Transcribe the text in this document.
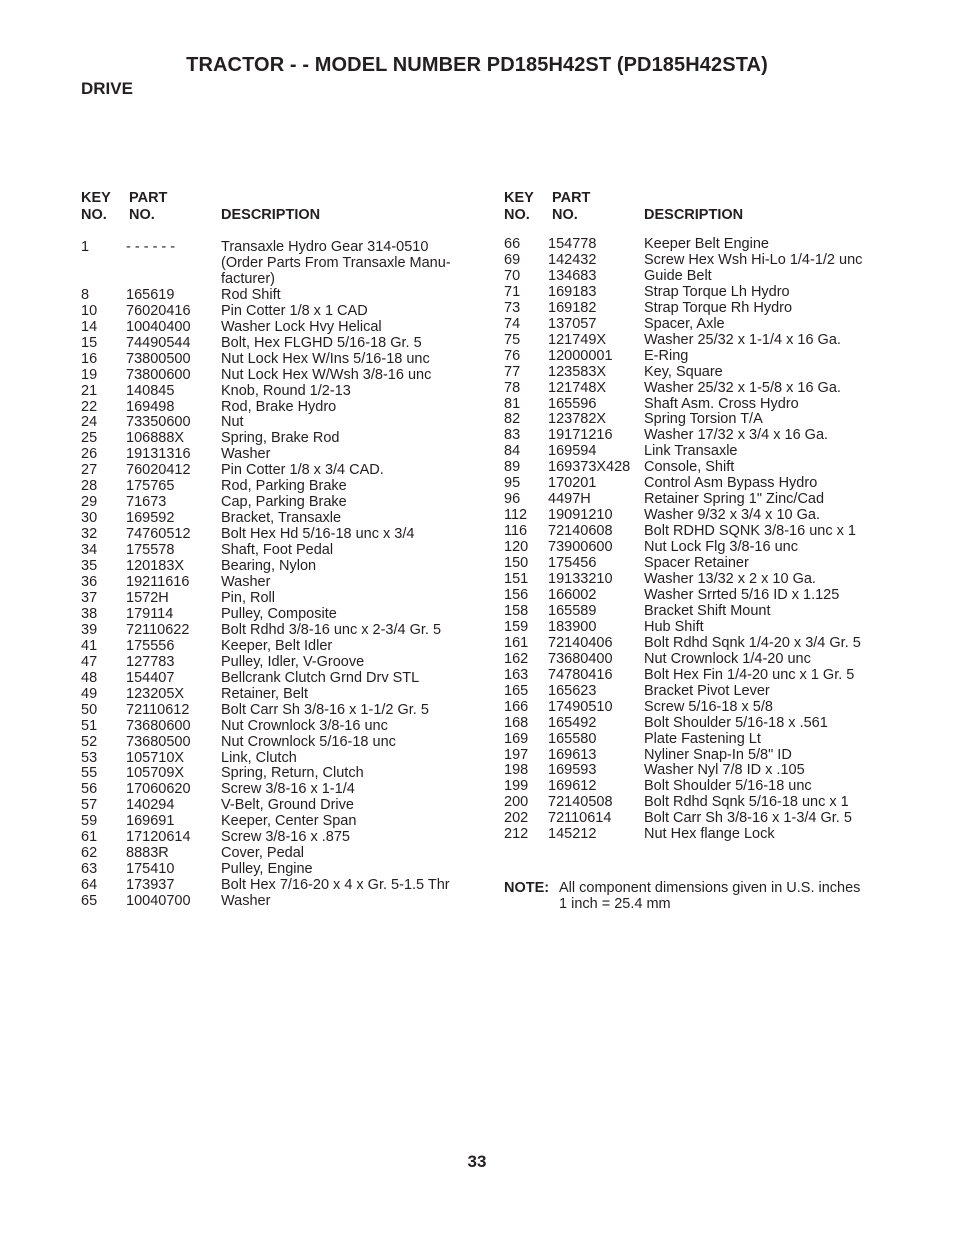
TRACTOR - - MODEL NUMBER PD185H42ST (PD185H42STA)
DRIVE
KEY
NO.
PART
NO.	DESCRIPTION
1	- - - - - -	Transaxle Hydro Gear 314-0510
(Order Parts From Transaxle Manu-
facturer)
8	165619	Rod Shift
10	76020416	Pin Cotter 1/8 x 1 CAD
14	10040400	Washer Lock Hvy Helical
15	74490544	Bolt, Hex FLGHD 5/16-18 Gr. 5
16	73800500	Nut Lock Hex W/Ins 5/16-18 unc
19	73800600	Nut Lock Hex W/Wsh 3/8-16 unc
21	140845	Knob, Round 1/2-13
22	169498	Rod, Brake Hydro
24	73350600	Nut
25	106888X	Spring, Brake Rod
26	19131316	Washer
27	76020412	Pin Cotter 1/8 x 3/4 CAD.
28	175765	Rod, Parking Brake
29	71673	Cap, Parking Brake
30	169592	Bracket, Transaxle
32	74760512	Bolt Hex Hd 5/16-18 unc x 3/4
34	175578	Shaft, Foot Pedal
35	120183X	Bearing, Nylon
36	19211616	Washer
37	1572H	Pin, Roll
38	179114	Pulley, Composite
39	72110622	Bolt Rdhd 3/8-16 unc x 2-3/4 Gr. 5
41	175556	Keeper, Belt Idler
47	127783	Pulley, Idler, V-Groove
48	154407	Bellcrank Clutch Grnd Drv STL
49	123205X	Retainer, Belt
50	72110612	Bolt Carr Sh 3/8-16 x 1-1/2 Gr. 5
51	73680600	Nut Crownlock 3/8-16 unc
52	73680500	Nut Crownlock 5/16-18 unc
53	105710X	Link, Clutch
55	105709X	Spring, Return, Clutch
56	17060620	Screw 3/8-16 x 1-1/4
57	140294	V-Belt, Ground Drive
59	169691	Keeper, Center Span
61	17120614	Screw 3/8-16 x .875
62	8883R	Cover, Pedal
63	175410	Pulley, Engine
64	173937	Bolt Hex 7/16-20 x 4 x Gr. 5-1.5 Thr
65	10040700	Washer
KEY
NO.
PART
NO.	DESCRIPTION
66	154778	Keeper Belt Engine
69	142432	Screw Hex Wsh Hi-Lo 1/4-1/2 unc
70	134683	Guide Belt
71	169183	Strap Torque Lh Hydro
73	169182	Strap Torque Rh Hydro
74	137057	Spacer, Axle
75	121749X	Washer 25/32 x 1-1/4 x 16 Ga.
76	12000001	E-Ring
77	123583X	Key, Square
78	121748X	Washer 25/32 x 1-5/8 x 16 Ga.
81	165596	Shaft Asm. Cross Hydro
82	123782X	Spring Torsion T/A
83	19171216	Washer 17/32 x 3/4 x 16 Ga.
84	169594	Link Transaxle
89	169373X428 Console, Shift
95	170201	Control Asm Bypass Hydro
96	4497H	Retainer Spring 1" Zinc/Cad
112	19091210	Washer 9/32 x 3/4 x 10 Ga.
116	72140608	Bolt RDHD SQNK 3/8-16 unc x 1
120	73900600	Nut Lock Flg 3/8-16 unc
150	175456	Spacer Retainer
151	19133210	Washer 13/32 x 2 x 10 Ga.
156	166002	Washer Srrted 5/16 ID x 1.125
158	165589	Bracket Shift Mount
159	183900	Hub Shift
161	72140406	Bolt Rdhd Sqnk 1/4-20 x 3/4 Gr. 5
162	73680400	Nut Crownlock 1/4-20 unc
163	74780416	Bolt Hex Fin 1/4-20 unc x 1 Gr. 5
165	165623	Bracket Pivot Lever
166	17490510	Screw 5/16-18 x 5/8
168	165492	Bolt Shoulder 5/16-18 x .561
169	165580	Plate Fastening Lt
197	169613	Nyliner Snap-In 5/8" ID
198	169593	Washer Nyl 7/8 ID x .105
199	169612	Bolt Shoulder 5/16-18 unc
200	72140508	Bolt Rdhd Sqnk 5/16-18 unc x 1
202	72110614	Bolt Carr Sh 3/8-16 x 1-3/4 Gr. 5
212	145212	Nut Hex flange Lock
NOTE: All component dimensions given in U.S. inches
1 inch = 25.4 mm
33
